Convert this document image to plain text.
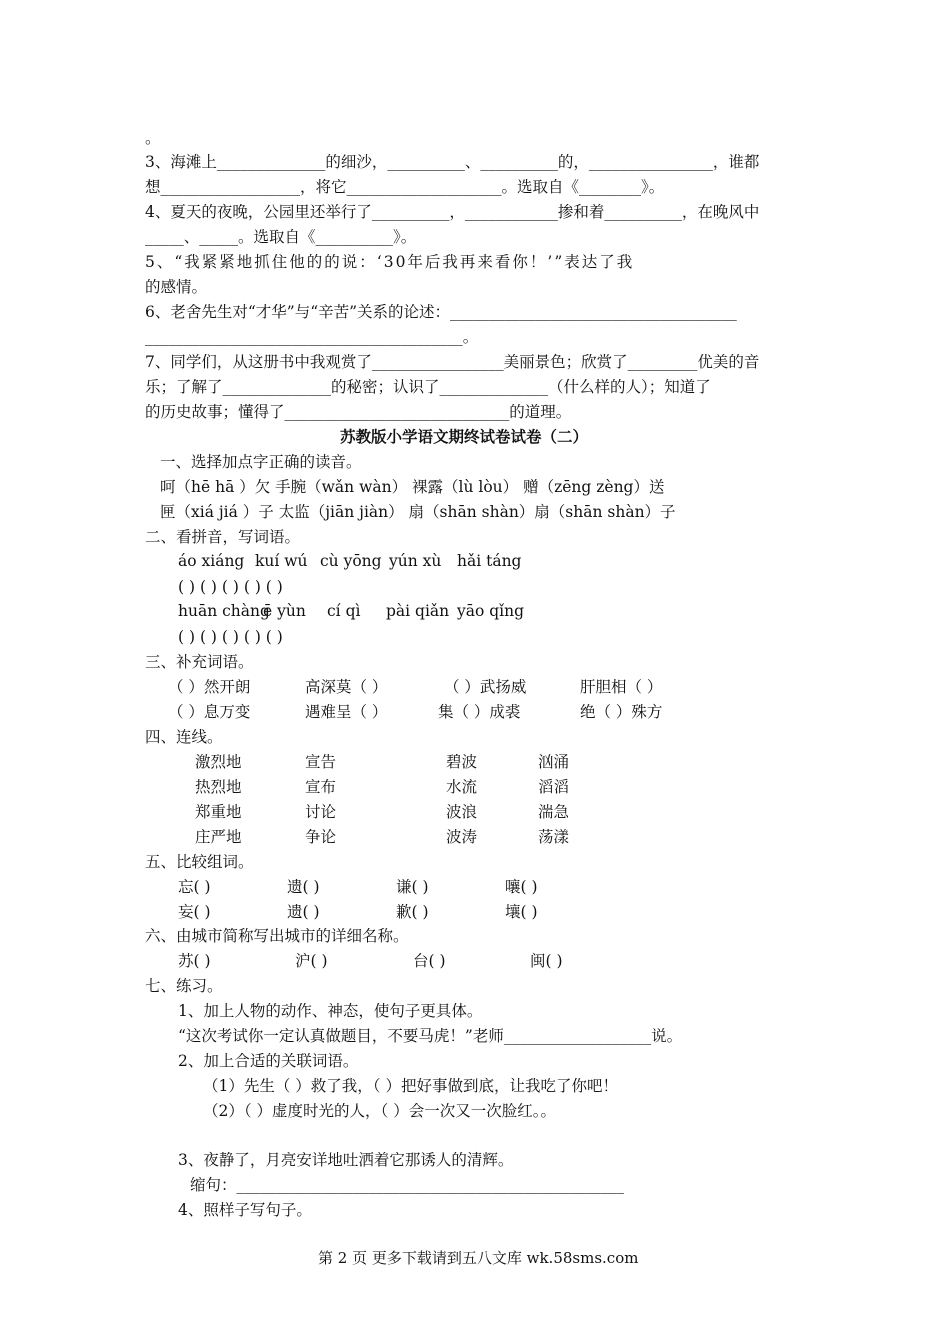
。
3、海滩上______________的细沙，__________、__________的，________________，谁都
想__________________，将它____________________。选取自《________》。
4、夏天的夜晚，公园里还举行了__________，____________掺和着__________，在晚风中
_____、_____。选取自《__________》。
5、“我紧紧地抓住他的的说：‘30年后我再来看你！’”表达了我
的感情。
6、老舍先生对“才华”与“辛苦”关系的论述：_____________________________________
_________________________________________。
7、同学们，从这册书中我观赏了_________________美丽景色；欣赏了_________优美的音
乐；了解了______________的秘密；认识了______________（什么样的人）；知道了
的历史故事；懂得了_____________________________的道理。
苏教版小学语文期终试卷试卷（二）
一、选择加点字正确的读音。
呵（hē hā ）欠 手腕（wǎn wàn） 裸露（lù lòu） 赠（zēng zèng）送
匣（xiá jiá ）子 太监（jiān jiàn） 扇（shān shàn）扇（shān shàn）子
二、看拼音，写词语。
áo xiáng kuí wú cù yōng yún xù hǎi táng
( ) ( ) ( ) ( ) ( )
huān chàng
ē yùn cí qì pài qiǎn yāo qǐng
( ) ( ) ( ) ( ) ( )
三、补充词语。
（ ）然开朗	高深莫（ ）	（ ）武扬威	肝胆相（ ）
（ ）息万变	遇难呈（ ）	集（ ）成裘	绝（ ）殊方
四、连线。
激烈地	宣告	碧波	汹涌
热烈地	宣布	水流	滔滔
郑重地	讨论	波浪	湍急
庄严地	争论	波涛	荡漾
五、比较组词。
忘( )	遗( )	谦( )	嚷( )
妄( )	遗( )	歉( )	壤( )
六、由城市简称写出城市的详细名称。
苏( )	沪( )	台( )	闽( )
七、练习。
1、加上人物的动作、神态，使句子更具体。
“这次考试你一定认真做题目，不要马虎！”老师___________________说。
2、加上合适的关联词语。
（1）先生（ ）救了我，（ ）把好事做到底，让我吃了你吧！
（2）（ ）虚度时光的人，（ ）会一次又一次脸红。。
3、夜静了，月亮安详地吐洒着它那诱人的清辉。
缩句：__________________________________________________
4、照样子写句子。
第 2 页 更多下载请到五八文库 wk.58sms.com
